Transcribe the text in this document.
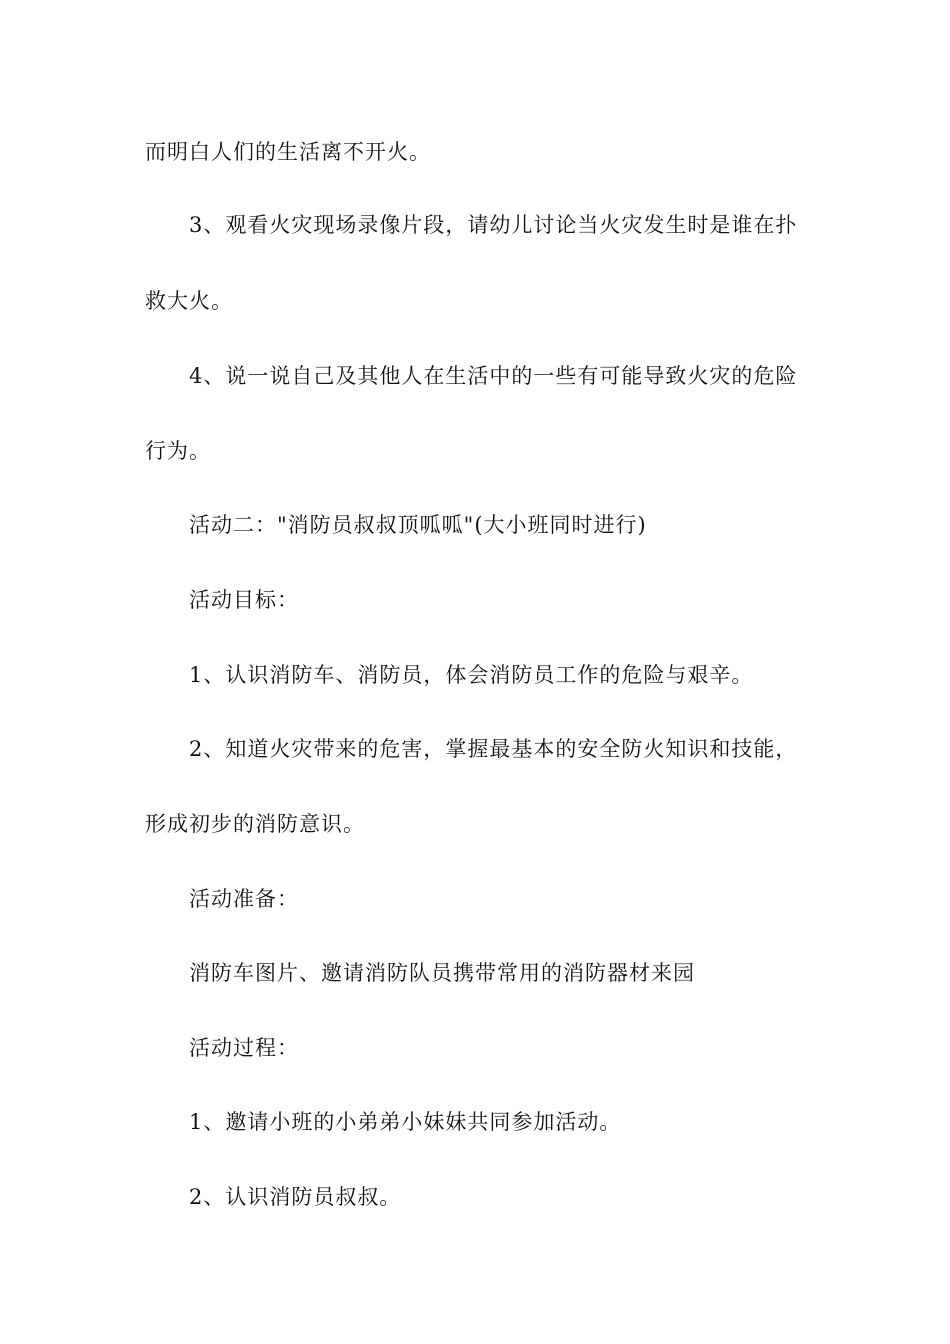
而明白人们的生活离不开火。
3、观看火灾现场录像片段，请幼儿讨论当火灾发生时是谁在扑
救大火。
4、说一说自己及其他人在生活中的一些有可能导致火灾的危险
行为。
活动二："消防员叔叔顶呱呱"(大小班同时进行)
活动目标：
1、认识消防车、消防员，体会消防员工作的危险与艰辛。
2、知道火灾带来的危害，掌握最基本的安全防火知识和技能，
形成初步的消防意识。
活动准备：
消防车图片、邀请消防队员携带常用的消防器材来园
活动过程：
1、邀请小班的小弟弟小妹妹共同参加活动。
2、认识消防员叔叔。
